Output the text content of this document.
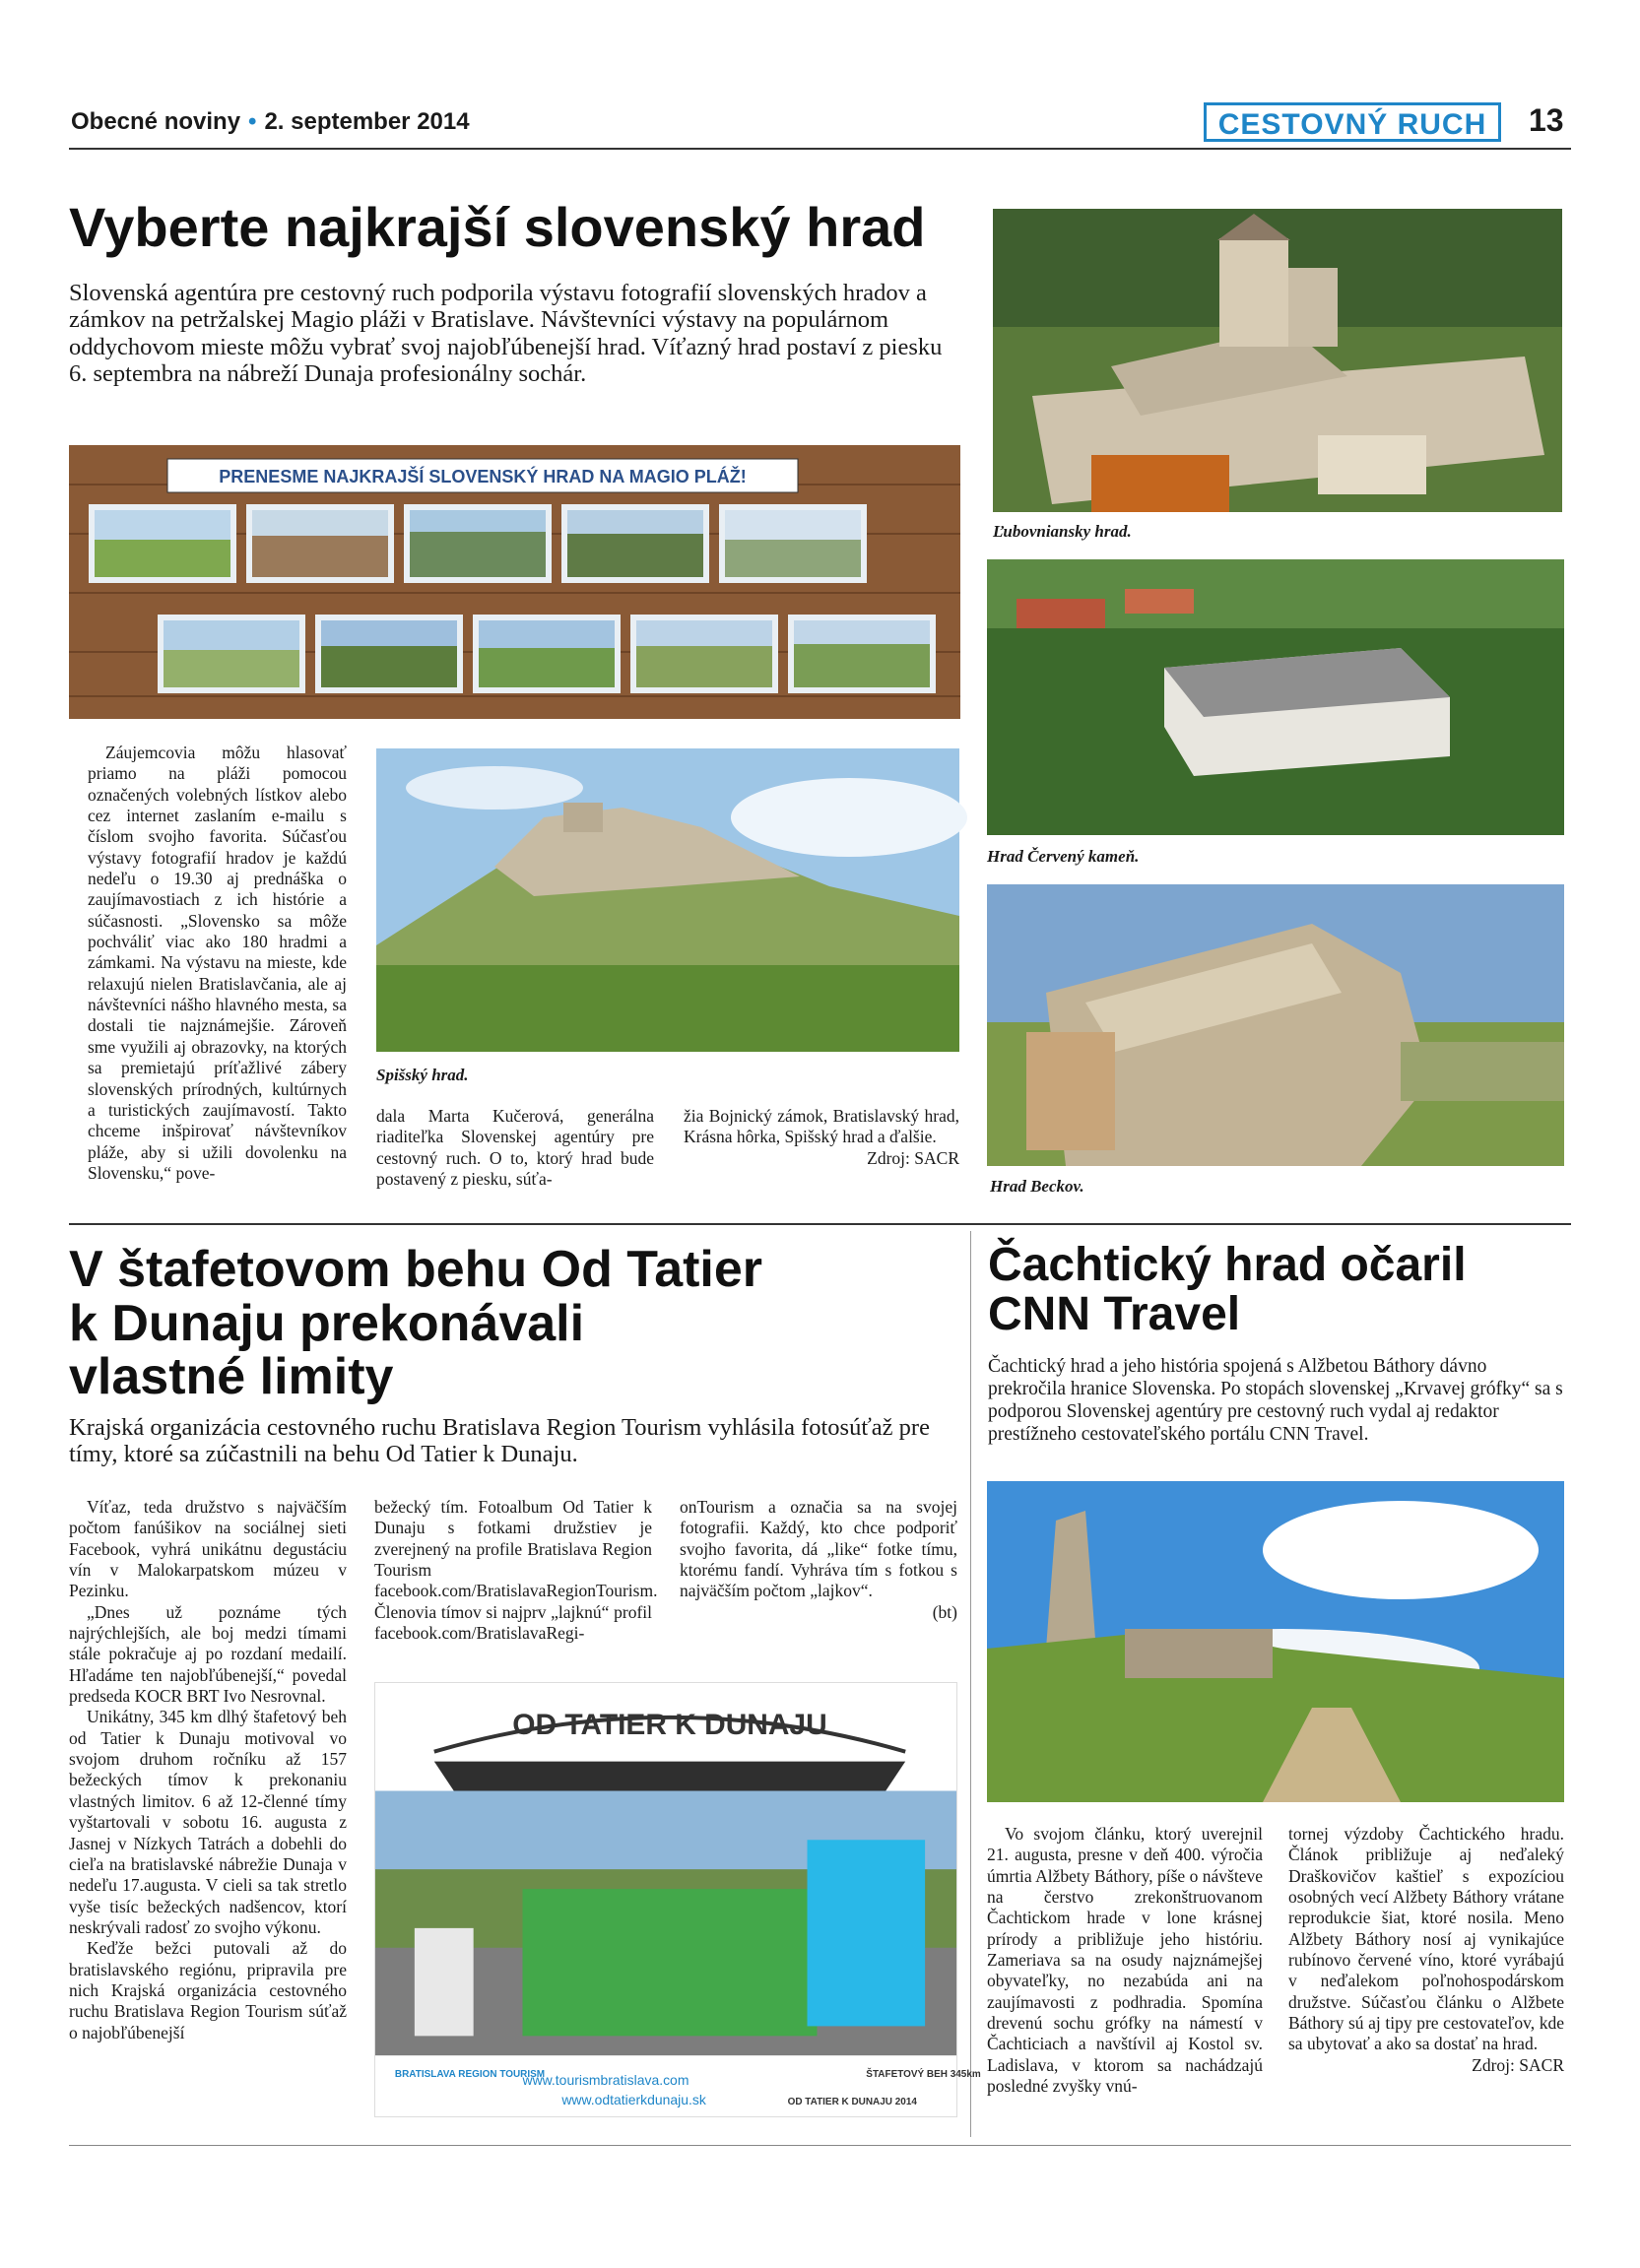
Obecné noviny • 2. september 2014	CESTOVNÝ RUCH	13
Vyberte najkrajší slovenský hrad
Slovenská agentúra pre cestovný ruch podporila výstavu fotografií slovenských hradov a zámkov na petržalskej Magio pláži v Bratislave. Návštevníci výstavy na populárnom oddychovom mieste môžu vybrať svoj najobľúbenejší hrad. Víťazný hrad postaví z piesku 6. septembra na nábreží Dunaja profesionálny sochár.
PRENESME NAJKRAJŠÍ SLOVENSKÝ HRAD NA MAGIO PLÁŽ!
Ľubovniansky hrad.
Hrad Červený kameň.
Hrad Beckov.

Záujemcovia môžu hlasovať priamo na pláži pomocou označených volebných lístkov alebo cez internet zaslaním e-mailu s číslom svojho favorita. Súčasťou výstavy fotografií hradov je každú nedeľu o 19.30 aj prednáška o zaujímavostiach z ich histórie a súčasnosti. „Slovensko sa môže pochváliť viac ako 180 hradmi a zámkami. Na výstavu na mieste, kde relaxujú nielen Bratislavčania, ale aj návštevníci nášho hlavného mesta, sa dostali tie najznámejšie. Zároveň sme využili aj obrazovky, na ktorých sa premietajú príťažlivé zábery slovenských prírodných, kultúrnych a turistických zaujímavostí. Takto chceme inšpirovať návštevníkov pláže, aby si užili dovolenku na Slovensku,“ pove-

Spišský hrad.
dala Marta Kučerová, generálna riaditeľka Slovenskej agentúry pre cestovný ruch. O to, ktorý hrad bude postavený z piesku, súťa-
žia Bojnický zámok, Bratislavský hrad, Krásna hôrka, Spišský hrad a ďalšie.
Zdroj: SACR
V štafetovom behu Od Tatier
k Dunaju prekonávali
vlastné limity
Krajská organizácia cestovného ruchu Bratislava Region Tourism vyhlásila fotosúťaž pre tímy, ktoré sa zúčastnili na behu Od Tatier k Dunaju.

Víťaz, teda družstvo s najväčším počtom fanúšikov na sociálnej sieti Facebook, vyhrá unikátnu degustáciu vín v Malokarpatskom múzeu v Pezinku.

„Dnes už poznáme tých najrýchlejších, ale boj medzi tímami stále pokračuje aj po rozdaní medailí. Hľadáme ten najobľúbenejší,“ povedal predseda KOCR BRT Ivo Nesrovnal.

Unikátny, 345 km dlhý štafetový beh od Tatier k Dunaju motivoval vo svojom druhom ročníku až 157 bežeckých tímov k prekonaniu vlastných limitov. 6 až 12-členné tímy vyštartovali v sobotu 16. augusta z Jasnej v Nízkych Tatrách a dobehli do cieľa na bratislavské nábrežie Dunaja v nedeľu 17.augusta. V cieli sa tak stretlo vyše tisíc bežeckých nadšencov, ktorí neskrývali radosť zo svojho výkonu.

Keďže bežci putovali až do bratislavského regiónu, pripravila pre nich Krajská organizácia cestovného ruchu Bratislava Region Tourism súťaž o najobľúbenejší

bežecký tím. Fotoalbum Od Tatier k Dunaju s fotkami družstiev je zverejnený na profile Bratislava Region Tourism facebook.com/BratislavaRegionTourism. Členovia tímov si najprv „lajknú“ profil facebook.com/BratislavaRegi-
onTourism a označia sa na svojej fotografii. Každý, kto chce podporiť svojho favorita, dá „like“ fotke tímu, ktorému fandí. Vyhráva tím s fotkou s najväčším počtom „lajkov“.
(bt)
OD TATIER K DUNAJU
BRATISLAVA REGION TOURISM
www.tourismbratislava.com
www.odtatierkdunaju.sk	OD TATIER K DUNAJU 2014
ŠTAFETOVÝ BEH 345km
Čachtický hrad očaril
CNN Travel
Čachtický hrad a jeho história spojená s Alžbetou Báthory dávno prekročila hranice Slovenska. Po stopách slovenskej „Krvavej grófky“ sa s podporou Slovenskej agentúry pre cestovný ruch vydal aj redaktor prestížneho cestovateľského portálu CNN Travel.

Vo svojom článku, ktorý uverejnil 21. augusta, presne v deň 400. výročia úmrtia Alžbety Báthory, píše o návšteve na čerstvo zrekonštruovanom Čachtickom hrade v lone krásnej prírody a približuje jeho históriu. Zameriava sa na osudy najznámejšej obyvateľky, no nezabúda ani na zaujímavosti z podhradia. Spomína drevenú sochu grófky na námestí v Čachticiach a navštívil aj Kostol sv. Ladislava, v ktorom sa nachádzajú posledné zvyšky vnú-

tornej výzdoby Čachtického hradu. Článok približuje aj neďaleký Draškovičov kaštieľ s expozíciou osobných vecí Alžbety Báthory vrátane reprodukcie šiat, ktoré nosila. Meno Alžbety Báthory nosí aj vynikajúce rubínovo červené víno, ktoré vyrábajú v neďalekom poľnohospodárskom družstve. Súčasťou článku o Alžbete Báthory sú aj tipy pre cestovateľov, kde sa ubytovať a ako sa dostať na hrad.
Zdroj: SACR
